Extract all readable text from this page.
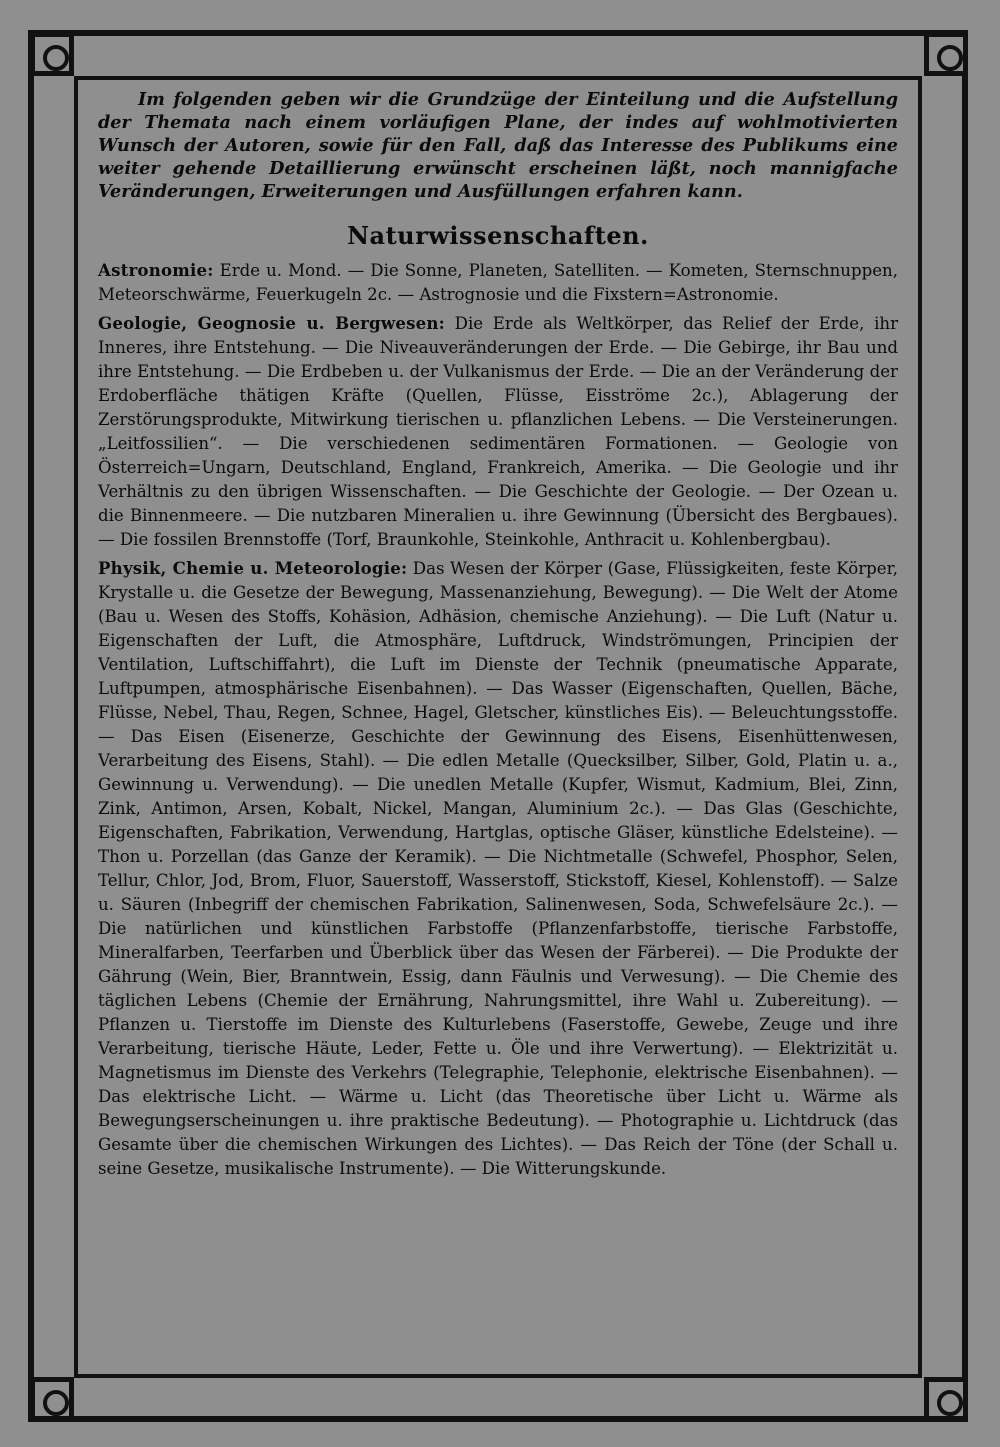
Im folgenden geben wir die Grundzüge der Einteilung und die Aufstellung der Themata nach einem vorläufigen Plane, der indes auf wohlmotivierten Wunsch der Autoren, sowie für den Fall, daß das Interesse des Publikums eine weiter gehende Detaillierung erwünscht erscheinen läßt, noch mannigfache Veränderungen, Erweiterungen und Ausfüllungen erfahren kann.

Naturwissenschaften.

Astronomie: Erde u. Mond. — Die Sonne, Planeten, Satelliten. — Kometen, Sternschnuppen, Meteorschwärme, Feuerkugeln 2c. — Astrognosie und die Fixstern=Astronomie.

Geologie, Geognosie u. Bergwesen: Die Erde als Weltkörper, das Relief der Erde, ihr Inneres, ihre Entstehung. — Die Niveauveränderungen der Erde. — Die Gebirge, ihr Bau und ihre Entstehung. — Die Erdbeben u. der Vulkanismus der Erde. — Die an der Veränderung der Erdoberfläche thätigen Kräfte (Quellen, Flüsse, Eisströme 2c.), Ablagerung der Zerstörungsprodukte, Mitwirkung tierischen u. pflanzlichen Lebens. — Die Versteinerungen. „Leitfossilien“. — Die verschiedenen sedimentären Formationen. — Geologie von Österreich=Ungarn, Deutschland, England, Frankreich, Amerika. — Die Geologie und ihr Verhältnis zu den übrigen Wissenschaften. — Die Geschichte der Geologie. — Der Ozean u. die Binnenmeere. — Die nutzbaren Mineralien u. ihre Gewinnung (Übersicht des Bergbaues). — Die fossilen Brennstoffe (Torf, Braunkohle, Steinkohle, Anthracit u. Kohlenbergbau).

Physik, Chemie u. Meteorologie: Das Wesen der Körper (Gase, Flüssigkeiten, feste Körper, Krystalle u. die Gesetze der Bewegung, Massenanziehung, Bewegung). — Die Welt der Atome (Bau u. Wesen des Stoffs, Kohäsion, Adhäsion, chemische Anziehung). — Die Luft (Natur u. Eigenschaften der Luft, die Atmosphäre, Luftdruck, Windströmungen, Principien der Ventilation, Luftschiffahrt), die Luft im Dienste der Technik (pneumatische Apparate, Luftpumpen, atmosphärische Eisenbahnen). — Das Wasser (Eigenschaften, Quellen, Bäche, Flüsse, Nebel, Thau, Regen, Schnee, Hagel, Gletscher, künstliches Eis). — Beleuchtungsstoffe. — Das Eisen (Eisenerze, Geschichte der Gewinnung des Eisens, Eisenhüttenwesen, Verarbeitung des Eisens, Stahl). — Die edlen Metalle (Quecksilber, Silber, Gold, Platin u. a., Gewinnung u. Verwendung). — Die unedlen Metalle (Kupfer, Wismut, Kadmium, Blei, Zinn, Zink, Antimon, Arsen, Kobalt, Nickel, Mangan, Aluminium 2c.). — Das Glas (Geschichte, Eigenschaften, Fabrikation, Verwendung, Hartglas, optische Gläser, künstliche Edelsteine). — Thon u. Porzellan (das Ganze der Keramik). — Die Nichtmetalle (Schwefel, Phosphor, Selen, Tellur, Chlor, Jod, Brom, Fluor, Sauerstoff, Wasserstoff, Stickstoff, Kiesel, Kohlenstoff). — Salze u. Säuren (Inbegriff der chemischen Fabrikation, Salinenwesen, Soda, Schwefelsäure 2c.). — Die natürlichen und künstlichen Farbstoffe (Pflanzenfarbstoffe, tierische Farbstoffe, Mineralfarben, Teerfarben und Überblick über das Wesen der Färberei). — Die Produkte der Gährung (Wein, Bier, Branntwein, Essig, dann Fäulnis und Verwesung). — Die Chemie des täglichen Lebens (Chemie der Ernährung, Nahrungsmittel, ihre Wahl u. Zubereitung). — Pflanzen u. Tierstoffe im Dienste des Kulturlebens (Faserstoffe, Gewebe, Zeuge und ihre Verarbeitung, tierische Häute, Leder, Fette u. Öle und ihre Verwertung). — Elektrizität u. Magnetismus im Dienste des Verkehrs (Telegraphie, Telephonie, elektrische Eisenbahnen). — Das elektrische Licht. — Wärme u. Licht (das Theoretische über Licht u. Wärme als Bewegungserscheinungen u. ihre praktische Bedeutung). — Photographie u. Lichtdruck (das Gesamte über die chemischen Wirkungen des Lichtes). — Das Reich der Töne (der Schall u. seine Gesetze, musikalische Instrumente). — Die Witterungskunde.
